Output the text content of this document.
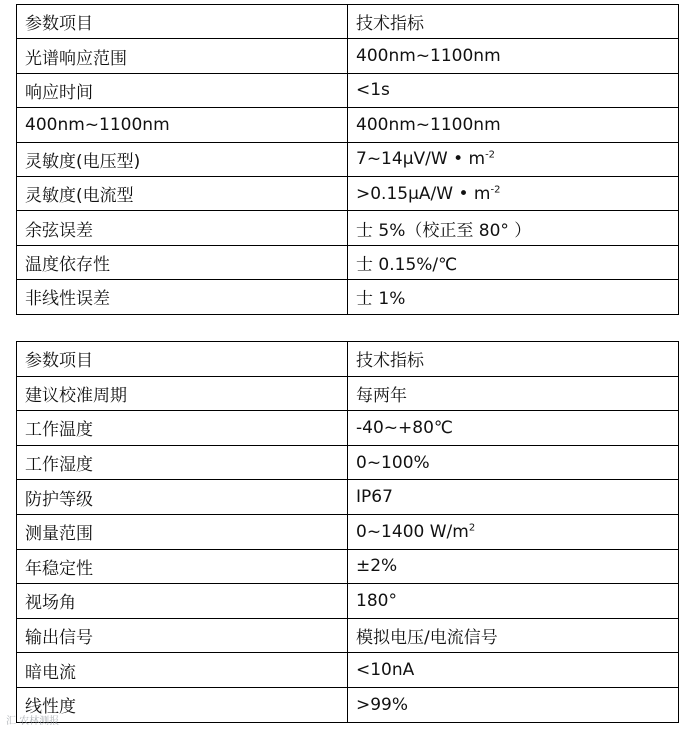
参数项目	技术指标
光谱响应范围	400nm~1100nm
响应时间	<1s
400nm~1100nm	400nm~1100nm
灵敏度(电压型)	7~14μV/W • $m^{-2}$
灵敏度(电流型	>0.15μA/W • $m^{-2}$
余弦误差	士 5%（校正至 80° ）
温度依存性	士 0.15%/℃
非线性误差	士 1%
参数项目	技术指标
建议校准周期	每两年
工作温度	-40~+80℃
工作湿度	0~100%
防护等级	IP67
测量范围	0~1400 $W/m^2$
年稳定性	±2%
视场角	180°
输出信号	模拟电压/电流信号
暗电流	<10nA
线性度	>99%
汇 农林测报
